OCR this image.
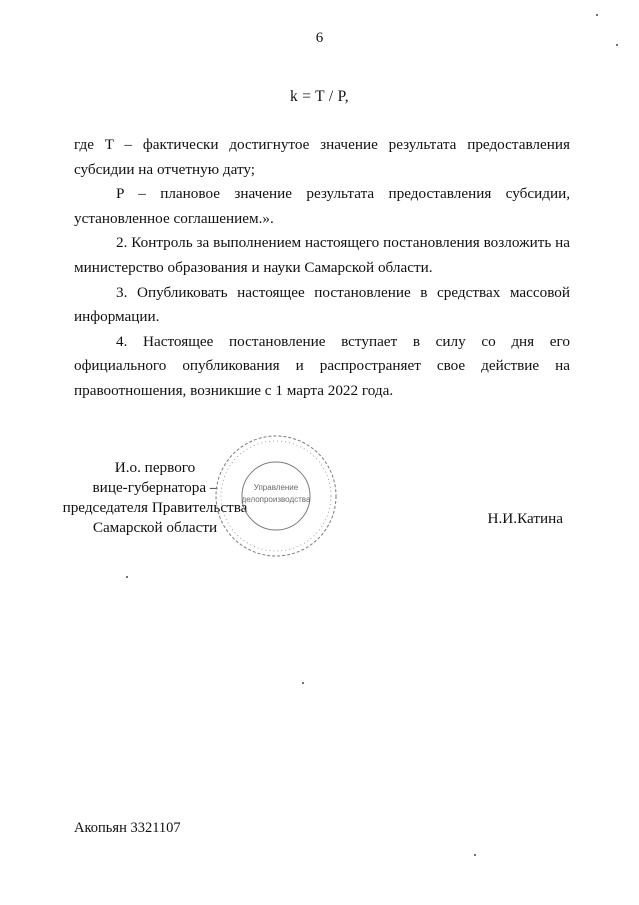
6
k = T / P,

где T – фактически достигнутое значение результата предоставления субсидии на отчетную дату;

P – плановое значение результата предоставления субсидии, установленное соглашением.».

2. Контроль за выполнением настоящего постановления возложить на министерство образования и науки Самарской области.

3. Опубликовать настоящее постановление в средствах массовой информации.

4. Настоящее постановление вступает в силу со дня его официального опубликования и распространяет свое действие на правоотношения, возникшие с 1 марта 2022 года.

И.о. первого
вице-губернатора –
председателя Правительства
Самарской области
Управление
делопроизводства
Н.И.Катина
Акопьян 3321107
